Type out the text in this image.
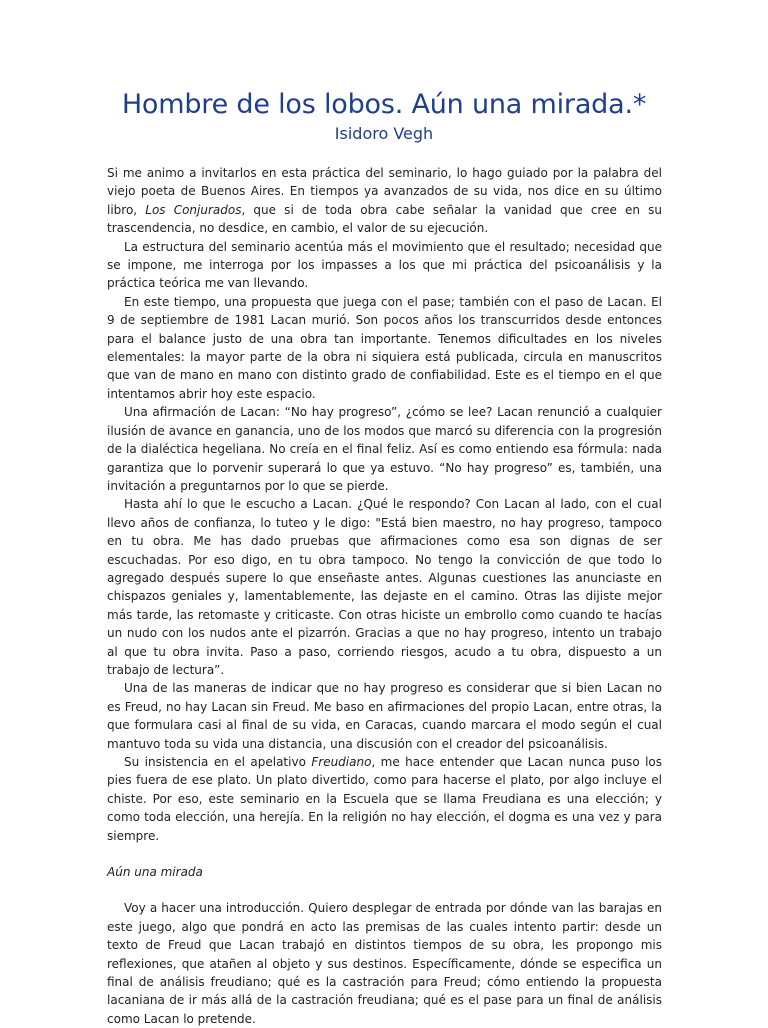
Hombre de los lobos. Aún una mirada.*
Isidoro Vegh

Si me animo a invitarlos en esta práctica del seminario, lo hago guiado por la palabra del viejo poeta de Buenos Aires. En tiempos ya avanzados de su vida, nos dice en su último libro, Los Conjurados, que si de toda obra cabe señalar la vanidad que cree en su trascendencia, no desdice, en cambio, el valor de su ejecución.

La estructura del seminario acentúa más el movimiento que el resultado; necesidad que se impone, me interroga por los impasses a los que mi práctica del psicoanálisis y la práctica teórica me van llevando.

En este tiempo, una propuesta que juega con el pase; también con el paso de Lacan. El 9 de septiembre de 1981 Lacan murió. Son pocos años los transcurridos desde entonces para el balance justo de una obra tan importante. Tenemos dificultades en los niveles elementales: la mayor parte de la obra ni siquiera está publicada, circula en manuscritos que van de mano en mano con distinto grado de confiabilidad. Este es el tiempo en el que intentamos abrir hoy este espacio.

Una afirmación de Lacan: “No hay progreso”, ¿cómo se lee? Lacan renunció a cualquier ilusión de avance en ganancia, uno de los modos que marcó su diferencia con la progresión de la dialéctica hegeliana. No creía en el final feliz. Así es como entiendo esa fórmula: nada garantiza que lo porvenir superará lo que ya estuvo. “No hay progreso” es, también, una invitación a preguntarnos por lo que se pierde.

Hasta ahí lo que le escucho a Lacan. ¿Qué le respondo? Con Lacan al lado, con el cual llevo años de confianza, lo tuteo y le digo: "Está bien maestro, no hay progreso, tampoco en tu obra. Me has dado pruebas que afirmaciones como esa son dignas de ser escuchadas. Por eso digo, en tu obra tampoco. No tengo la convicción de que todo lo agregado después supere lo que enseñaste antes. Algunas cuestiones las anunciaste en chispazos geniales y, lamentablemente, las dejaste en el camino. Otras las dijiste mejor más tarde, las retomaste y criticaste. Con otras hiciste un embrollo como cuando te hacías un nudo con los nudos ante el pizarrón. Gracias a que no hay progreso, intento un trabajo al que tu obra invita. Paso a paso, corriendo riesgos, acudo a tu obra, dispuesto a un trabajo de lectura”.

Una de las maneras de indicar que no hay progreso es considerar que si bien Lacan no es Freud, no hay Lacan sin Freud. Me baso en afirmaciones del propio Lacan, entre otras, la que formulara casi al final de su vida, en Caracas, cuando marcara el modo según el cual mantuvo toda su vida una distancia, una discusión con el creador del psicoanálisis.

Su insistencia en el apelativo Freudiano, me hace entender que Lacan nunca puso los pies fuera de ese plato. Un plato divertido, como para hacerse el plato, por algo incluye el chiste. Por eso, este seminario en la Escuela que se llama Freudiana es una elección; y como toda elección, una herejía. En la religión no hay elección, el dogma es una vez y para siempre.

Aún una mirada

Voy a hacer una introducción. Quiero desplegar de entrada por dónde van las barajas en este juego, algo que pondrá en acto las premisas de las cuales intento partir: desde un texto de Freud que Lacan trabajó en distintos tiempos de su obra, les propongo mis reflexiones, que atañen al objeto y sus destinos. Específicamente, dónde se especifica un final de análisis freudiano; qué es la castración para Freud; cómo entiendo la propuesta lacaniana de ir más allá de la castración freudiana; qué es el pase para un final de análisis como Lacan lo pretende.
